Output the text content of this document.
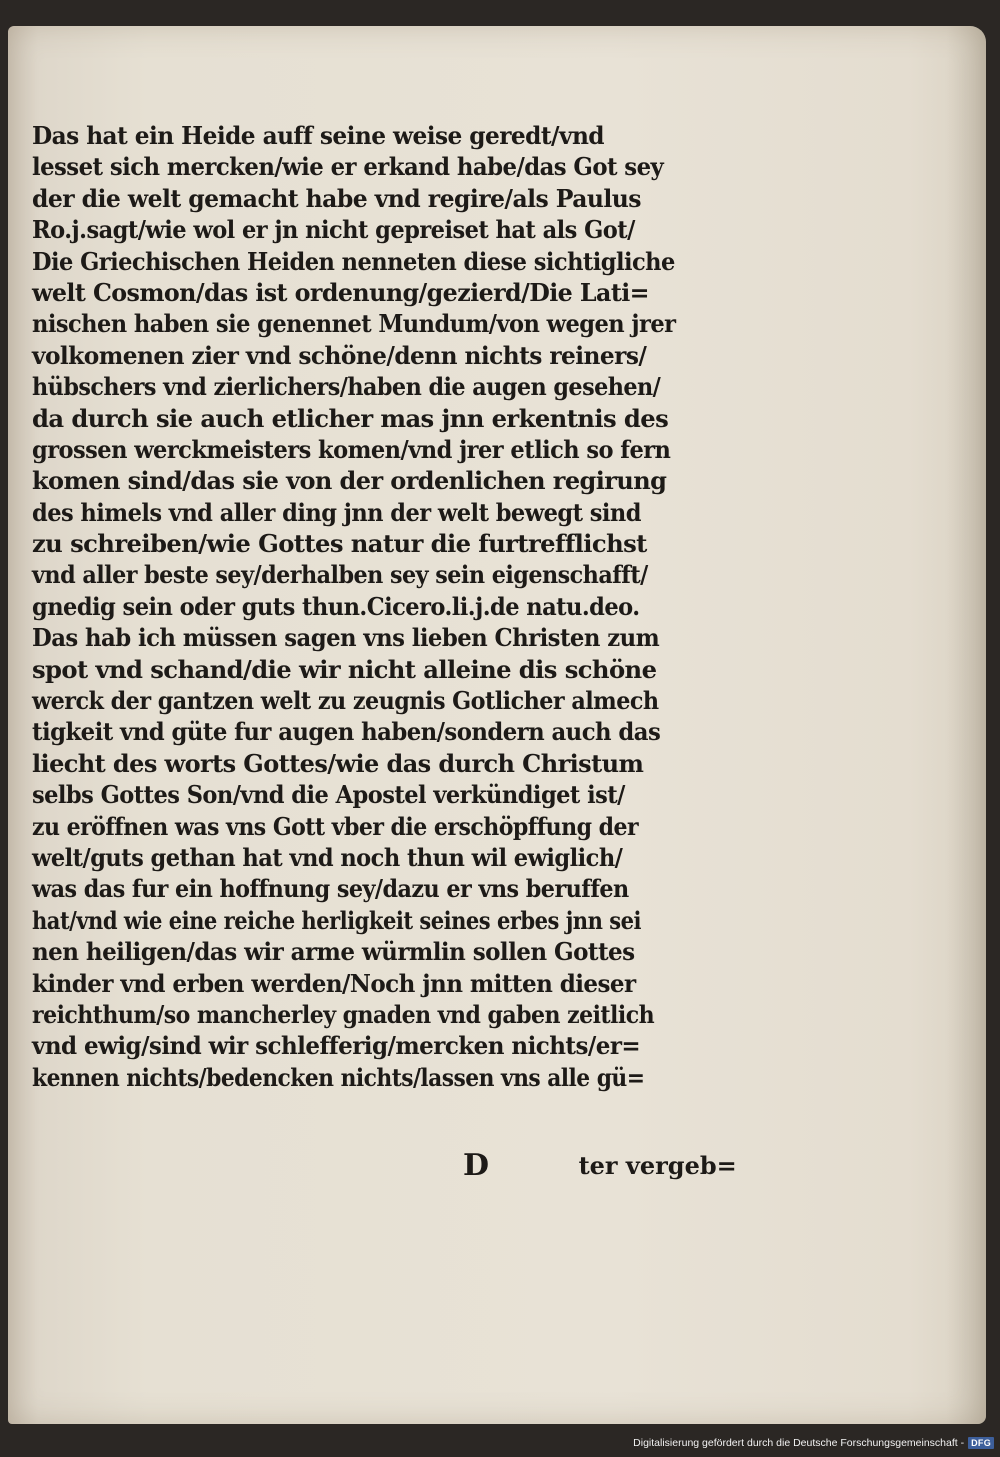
Das hat ein Heide auff seine weise geredt/vnd
lesset sich mercken/wie er erkand habe/das Got sey
der die welt gemacht habe vnd regire/als Paulus
Ro.j.sagt/wie wol er jn nicht gepreiset hat als Got/
Die Griechischen Heiden nenneten diese sichtigliche
welt Cosmon/das ist ordenung/gezierd/Die Lati=
nischen haben sie genennet Mundum/von wegen jrer
volkomenen zier vnd schöne/denn nichts reiners/
hübschers vnd zierlichers/haben die augen gesehen/
da durch sie auch etlicher mas jnn erkentnis des
grossen werckmeisters komen/vnd jrer etlich so fern
komen sind/das sie von der ordenlichen regirung
des himels vnd aller ding jnn der welt bewegt sind
zu schreiben/wie Gottes natur die furtrefflichst
vnd aller beste sey/derhalben sey sein eigenschafft/
gnedig sein oder guts thun.Cicero.li.j.de natu.deo.
Das hab ich müssen sagen vns lieben Christen zum
spot vnd schand/die wir nicht alleine dis schöne
werck der gantzen welt zu zeugnis Gotlicher almech
tigkeit vnd güte fur augen haben/sondern auch das
liecht des worts Gottes/wie das durch Christum
selbs Gottes Son/vnd die Apostel verkündiget ist/
zu eröffnen was vns Gott vber die erschöpffung der
welt/guts gethan hat vnd noch thun wil ewiglich/
was das fur ein hoffnung sey/dazu er vns beruffen
hat/vnd wie eine reiche herligkeit seines erbes jnn sei
nen heiligen/das wir arme würmlin sollen Gottes
kinder vnd erben werden/Noch jnn mitten dieser
reichthum/so mancherley gnaden vnd gaben zeitlich
vnd ewig/sind wir schlefferig/mercken nichts/er=
kennen nichts/bedencken nichts/lassen vns alle gü=
D	ter vergeb=
Digitalisierung gefördert durch die Deutsche Forschungsgemeinschaft - DFG
